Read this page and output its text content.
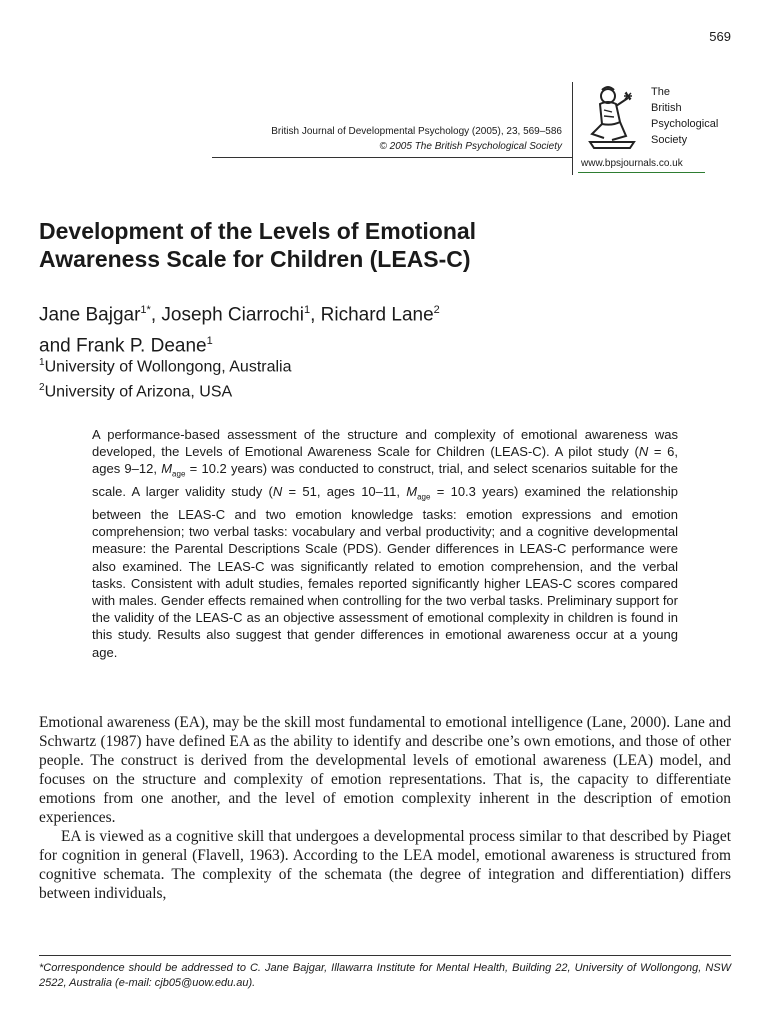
569
British Journal of Developmental Psychology (2005), 23, 569–586
© 2005 The British Psychological Society
The
British
Psychological
Society
www.bpsjournals.co.uk
Development of the Levels of Emotional
Awareness Scale for Children (LEAS-C)
Jane Bajgar$^{1*}$, Joseph Ciarrochi$^1$, Richard Lane$^2$
and Frank P. Deane$^1$
$^1$University of Wollongong, Australia
$^2$University of Arizona, USA

A performance-based assessment of the structure and complexity of emotional awareness was developed, the Levels of Emotional Awareness Scale for Children (LEAS-C). A pilot study (N = 6, ages 9–12, $M_{age} = 10.2$ years) was conducted to construct, trial, and select scenarios suitable for the scale. A larger validity study (N = 51, ages 10–11, $M_{age} = 10.3$ years) examined the relationship between the LEAS-C and two emotion knowledge tasks: emotion expressions and emotion comprehension; two verbal tasks: vocabulary and verbal productivity; and a cognitive developmental measure: the Parental Descriptions Scale (PDS). Gender differences in LEAS-C performance were also examined. The LEAS-C was significantly related to emotion comprehension, and the verbal tasks. Consistent with adult studies, females reported significantly higher LEAS-C scores compared with males. Gender effects remained when controlling for the two verbal tasks. Preliminary support for the validity of the LEAS-C as an objective assessment of emotional complexity in children is found in this study. Results also suggest that gender differences in emotional awareness occur at a young age.

Emotional awareness (EA), may be the skill most fundamental to emotional intelligence (Lane, 2000). Lane and Schwartz (1987) have defined EA as the ability to identify and describe one’s own emotions, and those of other people. The construct is derived from the developmental levels of emotional awareness (LEA) model, and focuses on the structure and complexity of emotion representations. That is, the capacity to differentiate emotions from one another, and the level of emotion complexity inherent in the description of emotion experiences.

EA is viewed as a cognitive skill that undergoes a developmental process similar to that described by Piaget for cognition in general (Flavell, 1963). According to the LEA model, emotional awareness is structured from cognitive schemata. The complexity of the schemata (the degree of integration and differentiation) differs between individuals,

*Correspondence should be addressed to C. Jane Bajgar, Illawarra Institute for Mental Health, Building 22, University of Wollongong, NSW 2522, Australia (e-mail: cjb05@uow.edu.au).
